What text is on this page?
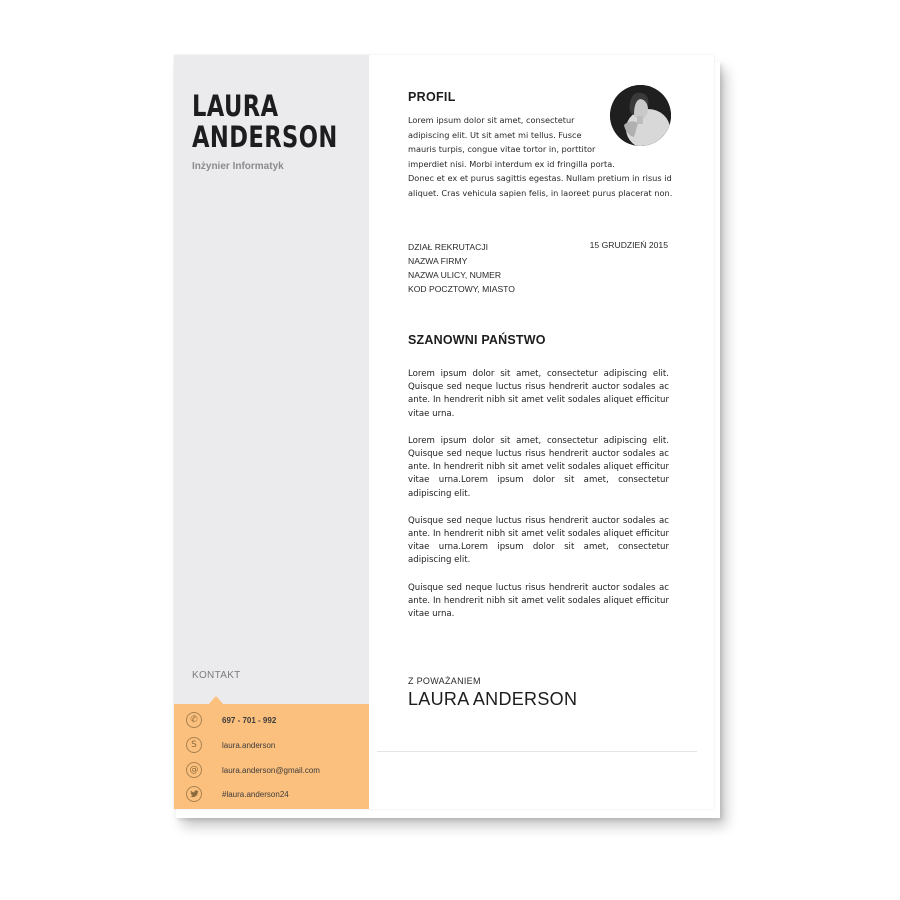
LAURA
ANDERSON
Inżynier Informatyk
KONTAKT
✆	697 - 701 - 992
S	laura.anderson
@	laura.anderson@gmail.com
#laura.anderson24
PROFIL
Lorem ipsum dolor sit amet, consectetur
adipiscing elit. Ut sit amet mi tellus. Fusce
mauris turpis, congue vitae tortor in, porttitor
imperdiet nisi. Morbi interdum ex id fringilla porta.
Donec et ex et purus sagittis egestas. Nullam pretium in risus id
aliquet. Cras vehicula sapien felis, in laoreet purus placerat non.
DZIAŁ REKRUTACJI
NAZWA FIRMY
NAZWA ULICY, NUMER
KOD POCZTOWY, MIASTO
15 GRUDZIEŃ 2015
SZANOWNI PAŃSTWO

Lorem ipsum dolor sit amet, consectetur adipiscing elit. Quisque sed neque luctus risus hendrerit auctor sodales ac ante. In hendrerit nibh sit amet velit sodales aliquet efficitur vitae urna.

Lorem ipsum dolor sit amet, consectetur adipiscing elit. Quisque sed neque luctus risus hendrerit auctor sodales ac ante. In hendrerit nibh sit amet velit sodales aliquet efficitur vitae urna.Lorem ipsum dolor sit amet, consectetur adipiscing elit.

Quisque sed neque luctus risus hendrerit auctor sodales ac ante. In hendrerit nibh sit amet velit sodales aliquet efficitur vitae urna.Lorem ipsum dolor sit amet, consectetur adipiscing elit.

Quisque sed neque luctus risus hendrerit auctor sodales ac ante. In hendrerit nibh sit amet velit sodales aliquet efficitur vitae urna.

Z POWAŻANIEM
LAURA ANDERSON
